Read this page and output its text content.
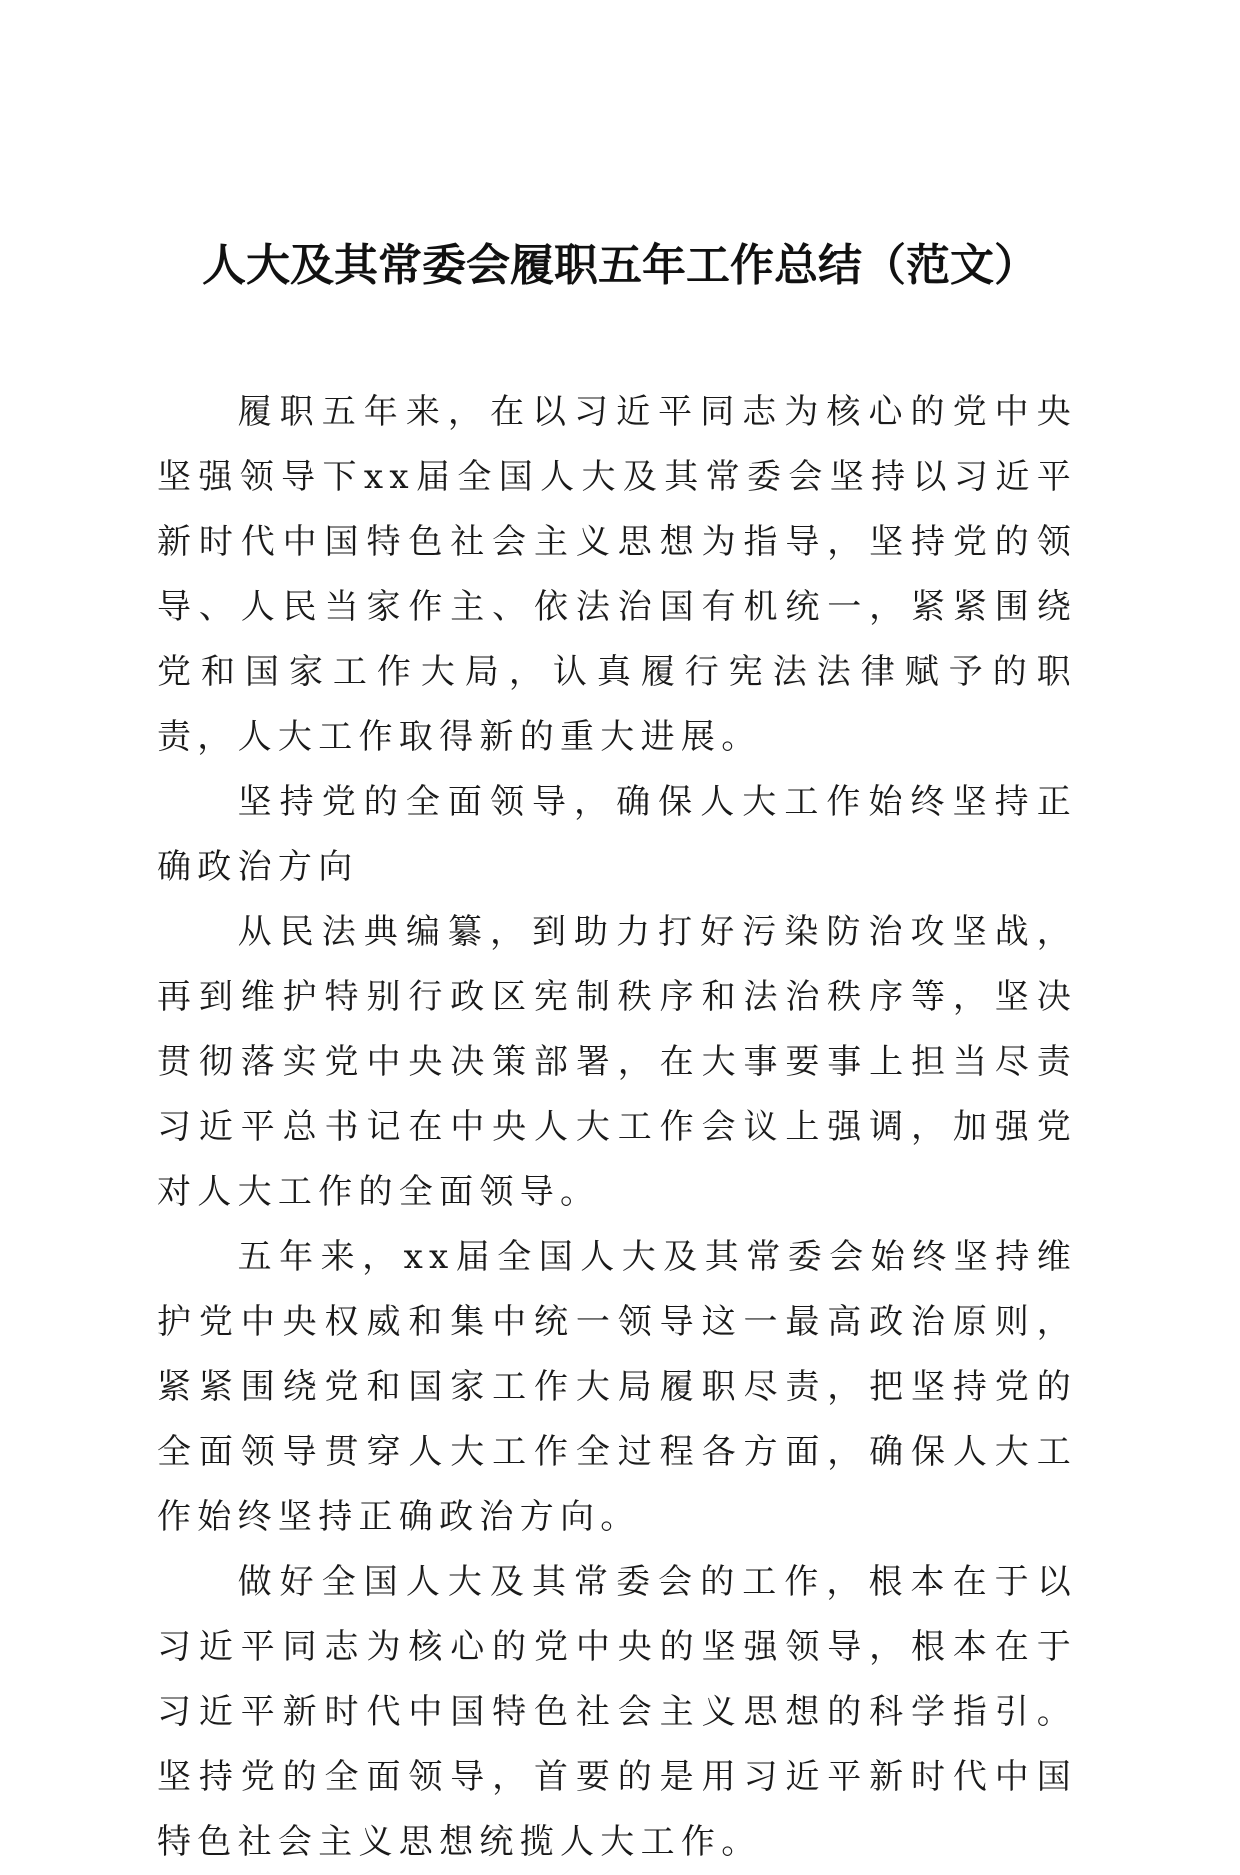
人大及其常委会履职五年工作总结（范文）

履职五年来，在以习近平同志为核心的党中央坚强领导下xx届全国人大及其常委会坚持以习近平新时代中国特色社会主义思想为指导，坚持党的领导、人民当家作主、依法治国有机统一，紧紧围绕党和国家工作大局，认真履行宪法法律赋予的职责，人大工作取得新的重大进展。

坚持党的全面领导，确保人大工作始终坚持正确政治方向

从民法典编纂，到助力打好污染防治攻坚战，再到维护特别行政区宪制秩序和法治秩序等，坚决贯彻落实党中央决策部署，在大事要事上担当尽责习近平总书记在中央人大工作会议上强调，加强党对人大工作的全面领导。

五年来，xx届全国人大及其常委会始终坚持维护党中央权威和集中统一领导这一最高政治原则，紧紧围绕党和国家工作大局履职尽责，把坚持党的全面领导贯穿人大工作全过程各方面，确保人大工作始终坚持正确政治方向。

做好全国人大及其常委会的工作，根本在于以习近平同志为核心的党中央的坚强领导，根本在于习近平新时代中国特色社会主义思想的科学指引。坚持党的全面领导，首要的是用习近平新时代中国特色社会主义思想统揽人大工作。
